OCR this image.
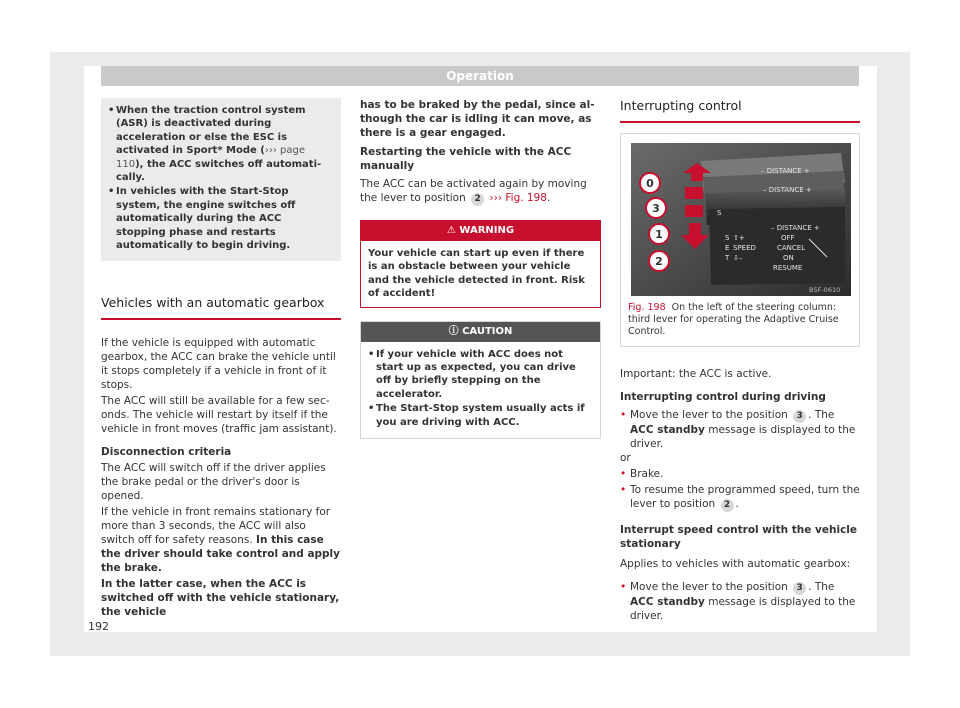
Operation

• When the traction control system (ASR) is deactivated during acceleration or else the ESC is activated in Sport* Mode (››› page 110), the ACC switches off automatically.

• In vehicles with the Start-Stop system, the engine switches off automatically during the ACC stopping phase and restarts automatically to begin driving.

Vehicles with an automatic gearbox

If the vehicle is equipped with automatic gearbox, the ACC can brake the vehicle until it stops completely if a vehicle in front of it stops.

The ACC will still be available for a few seconds. The vehicle will restart by itself if the vehicle in front moves (traffic jam assistant).

Disconnection criteria

The ACC will switch off if the driver applies the brake pedal or the driver's door is opened.

If the vehicle in front remains stationary for more than 3 seconds, the ACC will also switch off for safety reasons. In this case the driver should take control and apply the brake.

In the latter case, when the ACC is switched off with the vehicle stationary, the vehicle

has to be braked by the pedal, since although the car is idling it can move, as there is a gear engaged.

Restarting the vehicle with the ACC manually

The ACC can be activated again by moving the lever to position 2 ››› Fig. 198.

⚠ WARNING
Your vehicle can start up even if there is an obstacle between your vehicle and the vehicle detected in front. Risk of accident!
ⓘ CAUTION

• If your vehicle with ACC does not start up as expected, you can drive off by briefly stepping on the accelerator.

• The Start-Stop system usually acts if you are driving with ACC.

Interrupting control
– DISTANCE +
– DISTANCE +
– DISTANCE +
S
S
E
T
⇧+
SPEED
⇩–
OFF
CANCEL
ON
RESUME
0
3
1
2
B5F-0610
Fig. 198 On the left of the steering column: third lever for operating the Adaptive Cruise Control.

Important: the ACC is active.

Interrupting control during driving

• Move the lever to the position 3 . The ACC standby message is displayed to the driver.

or

• Brake.

• To resume the programmed speed, turn the lever to position 2 .

Interrupt speed control with the vehicle stationary

Applies to vehicles with automatic gearbox:

• Move the lever to the position 3 . The ACC standby message is displayed to the driver.

192
